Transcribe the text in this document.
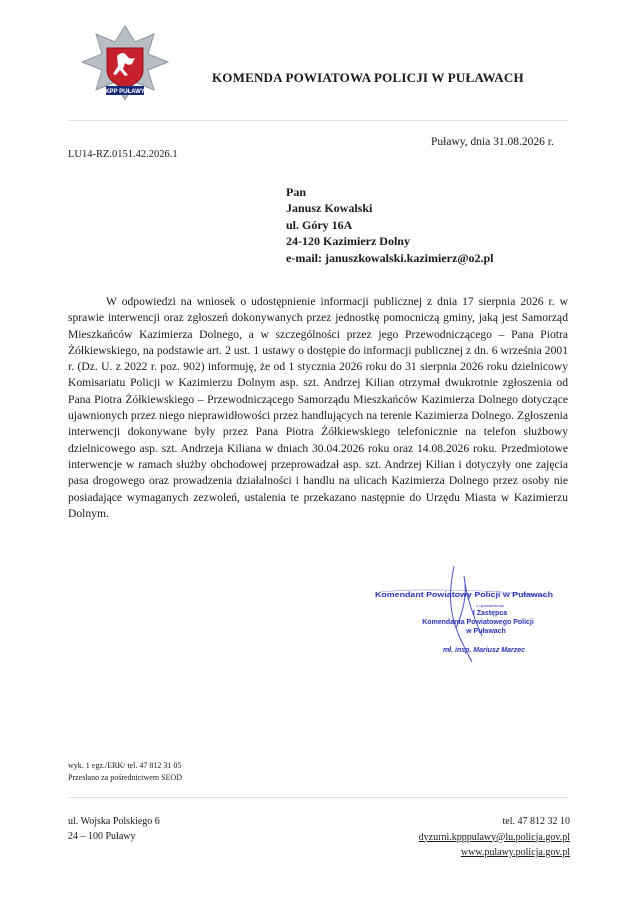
KPP PUŁAWY
KOMENDA POWIATOWA POLICJI W PUŁAWACH
Puławy, dnia 31.08.2026 r.
LU14-RZ.0151.42.2026.1
Pan
Janusz Kowalski
ul. Góry 16A
24-120 Kazimierz Dolny
e-mail: januszkowalski.kazimierz@o2.pl
W odpowiedzi na wniosek o udostępnienie informacji publicznej z dnia 17 sierpnia 2026 r. w sprawie interwencji oraz zgłoszeń dokonywanych przez jednostkę pomocniczą gminy, jaką jest Samorząd Mieszkańców Kazimierza Dolnego, a w szczególności przez jego Przewodniczącego – Pana Piotra Żółkiewskiego, na podstawie art. 2 ust. 1 ustawy o dostępie do informacji publicznej z dn. 6 września 2001 r. (Dz. U. z 2022 r. poz. 902) informuję, że od 1 stycznia 2026 roku do 31 sierpnia 2026 roku dzielnicowy Komisariatu Policji w Kazimierzu Dolnym asp. szt. Andrzej Kilian otrzymał dwukrotnie zgłoszenia od Pana Piotra Żółkiewskiego – Przewodniczącego Samorządu Mieszkańców Kazimierza Dolnego dotyczące ujawnionych przez niego nieprawidłowości przez handlujących na terenie Kazimierza Dolnego. Zgłoszenia interwencji dokonywane były przez Pana Piotra Żółkiewskiego telefonicznie na telefon służbowy dzielnicowego asp. szt. Andrzeja Kiliana w dniach 30.04.2026 roku oraz 14.08.2026 roku. Przedmiotowe interwencje w ramach służby obchodowej przeprowadzał asp. szt. Andrzej Kilian i dotyczyły one zajęcia pasa drogowego oraz prowadzenia działalności i handlu na ulicach Kazimierza Dolnego przez osoby nie posiadające wymaganych zezwoleń, ustalenia te przekazano następnie do Urzędu Miasta w Kazimierzu Dolnym.
Komendant Powiatowy Policji w Puławach
z upoważnienia
I Zastępca
Komendanta Powiatowego Policji
w Puławach
mł. insp. Mariusz Marzec
wyk. 1 egz./ERK/ tel. 47 812 31 05
Przesłano za pośrednictwem SEOD
ul. Wojska Polskiego 6
24 – 100 Puławy
tel. 47 812 32 10
dyzurni.kpppulawy@lu.policja.gov.pl
www.pulawy.policja.gov.pl
